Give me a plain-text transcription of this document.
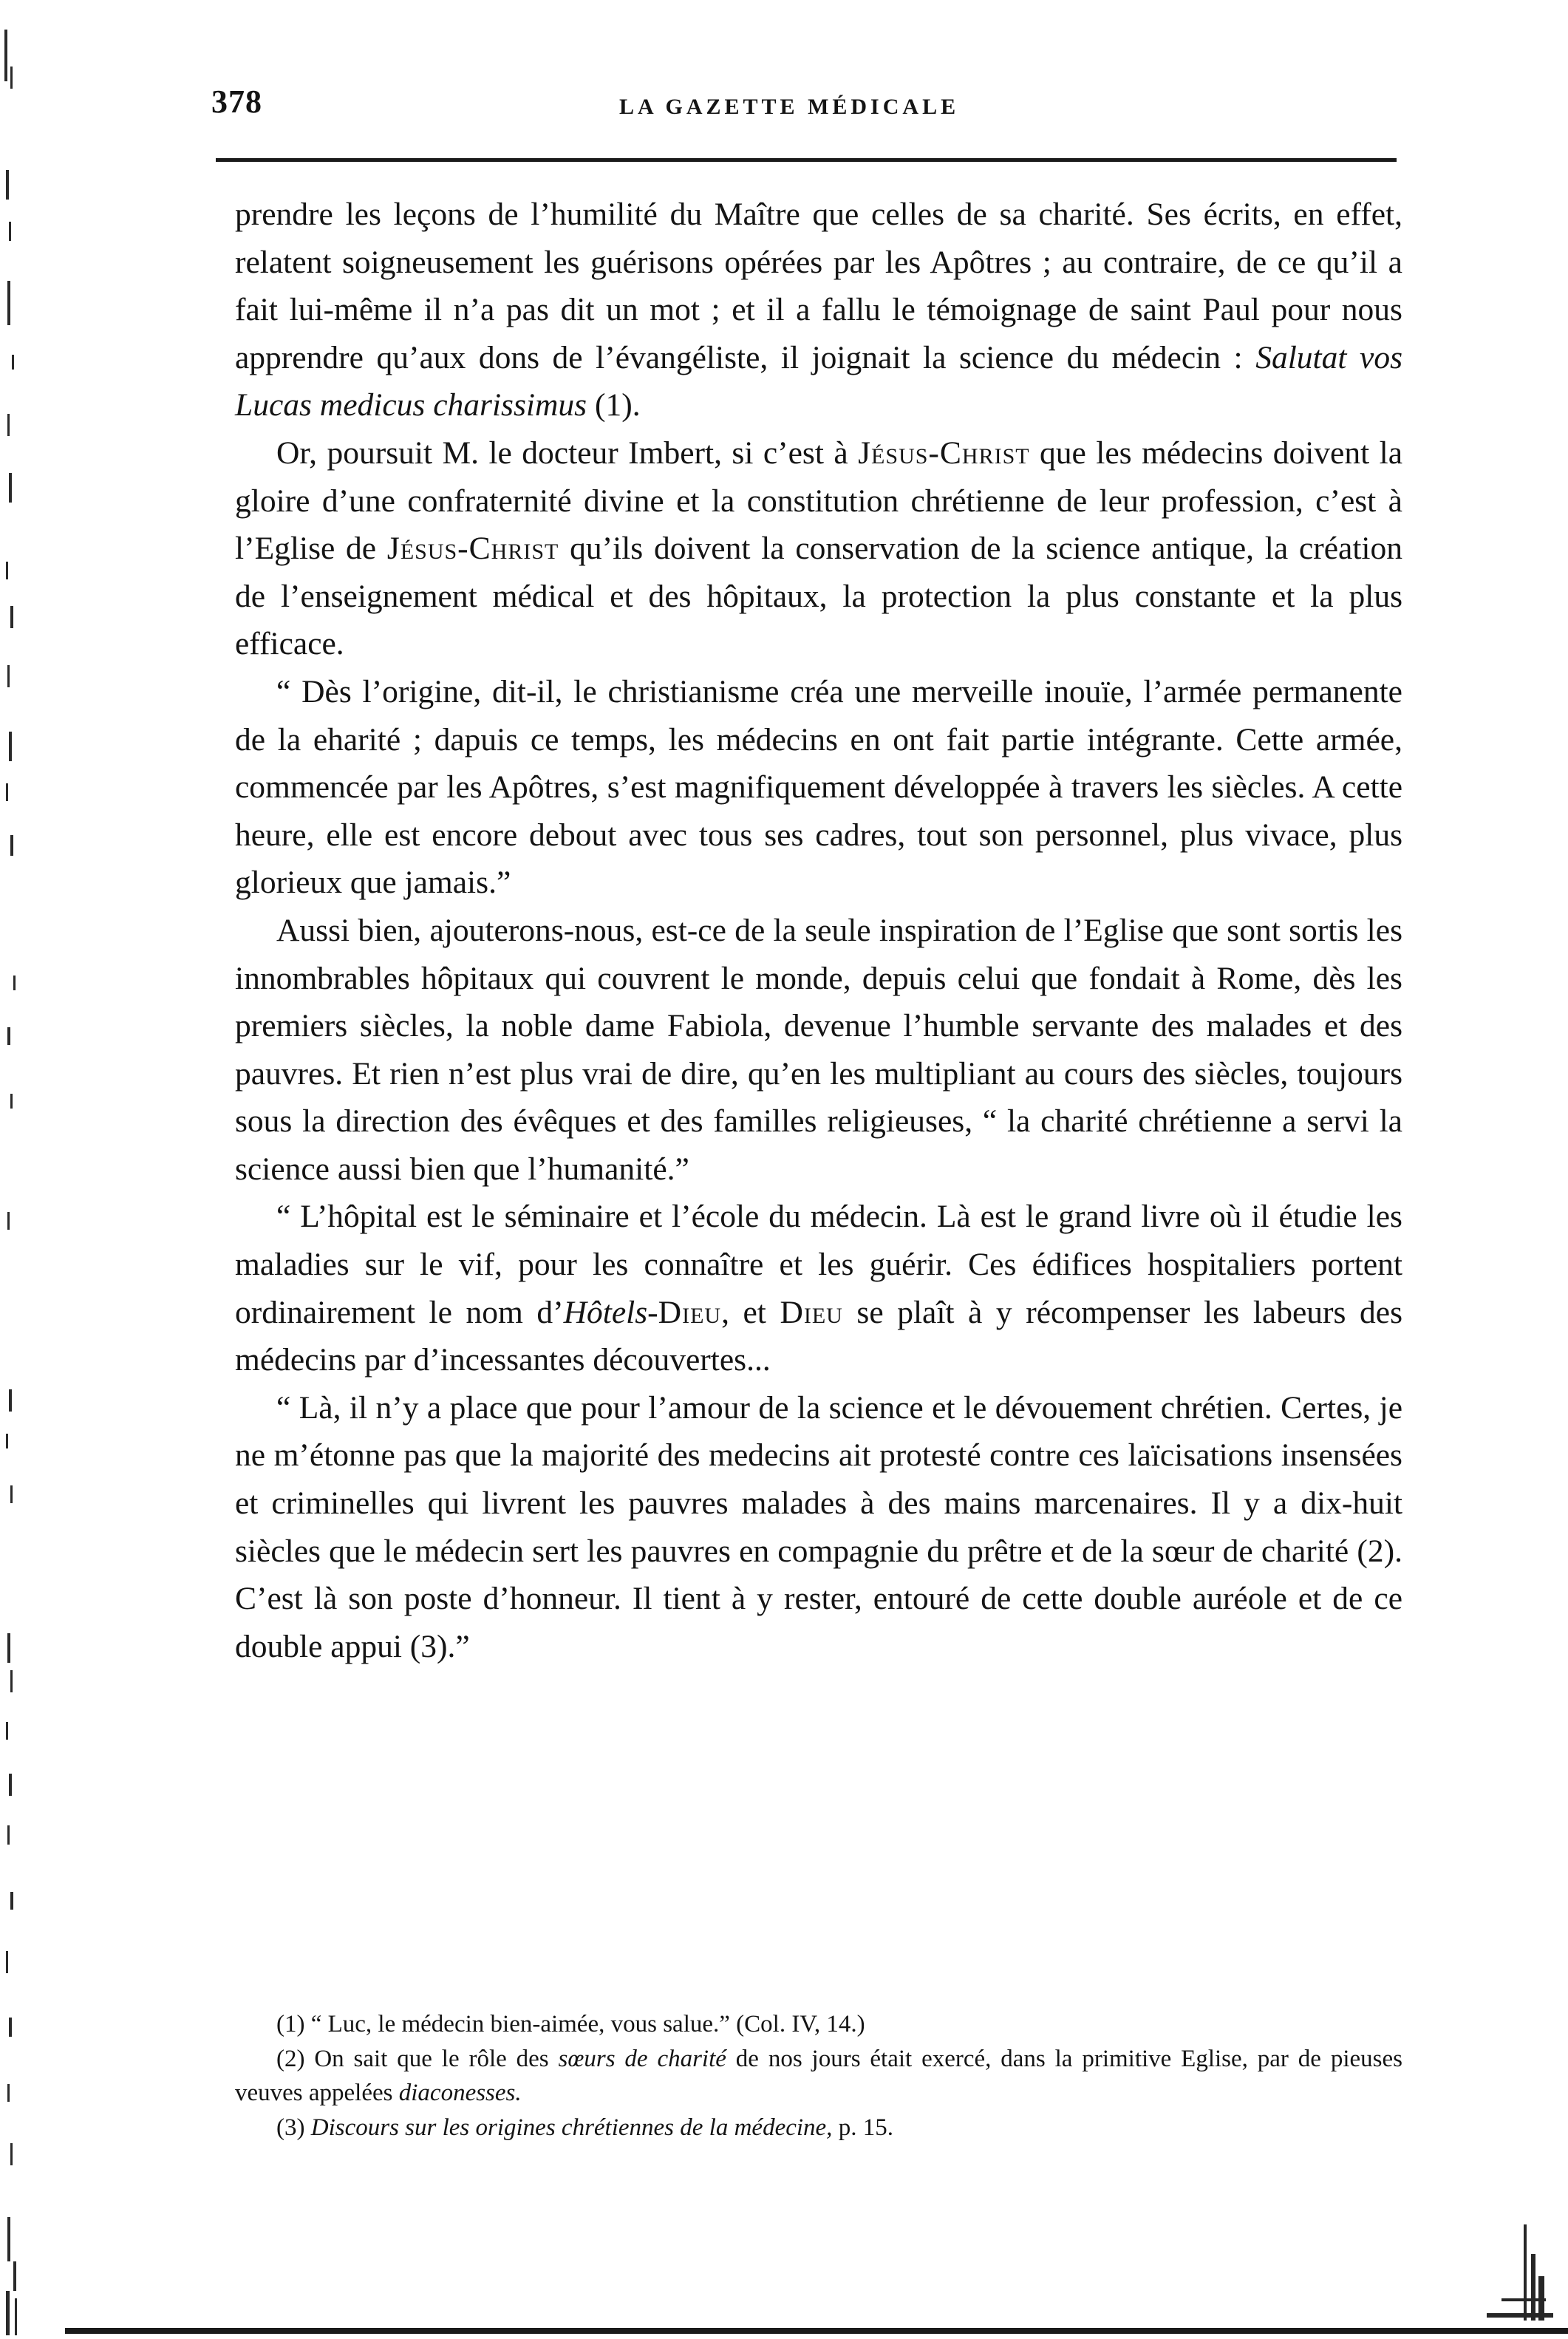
378	LA GAZETTE MÉDICALE

prendre les leçons de l’humilité du Maître que celles de sa charité. Ses écrits, en effet, relatent soigneusement les guérisons opérées par les Apôtres ; au contraire, de ce qu’il a fait lui-même il n’a pas dit un mot ; et il a fallu le témoignage de saint Paul pour nous apprendre qu’aux dons de l’évangéliste, il joignait la science du médecin : Salutat vos Lucas medicus charissimus (1).

Or, poursuit M. le docteur Imbert, si c’est à Jésus-Christ que les médecins doivent la gloire d’une confraternité divine et la constitution chrétienne de leur profession, c’est à l’Eglise de Jésus-Christ qu’ils doivent la conservation de la science antique, la création de l’enseignement médical et des hôpitaux, la protection la plus constante et la plus efficace.

“ Dès l’origine, dit-il, le christianisme créa une merveille inouïe, l’armée permanente de la eharité ; dapuis ce temps, les médecins en ont fait partie intégrante. Cette armée, commencée par les Apôtres, s’est magnifiquement développée à travers les siècles. A cette heure, elle est encore debout avec tous ses cadres, tout son personnel, plus vivace, plus glorieux que jamais.”

Aussi bien, ajouterons-nous, est-ce de la seule inspiration de l’Eglise que sont sortis les innombrables hôpitaux qui couvrent le monde, depuis celui que fondait à Rome, dès les premiers siècles, la noble dame Fabiola, devenue l’humble servante des malades et des pauvres. Et rien n’est plus vrai de dire, qu’en les multipliant au cours des siècles, toujours sous la direction des évêques et des familles religieuses, “ la charité chrétienne a servi la science aussi bien que l’humanité.”

“ L’hôpital est le séminaire et l’école du médecin. Là est le grand livre où il étudie les maladies sur le vif, pour les connaître et les guérir. Ces édifices hospitaliers portent ordinairement le nom d’Hôtels-Dieu, et Dieu se plaît à y récompenser les labeurs des médecins par d’incessantes découvertes...

“ Là, il n’y a place que pour l’amour de la science et le dévouement chrétien. Certes, je ne m’étonne pas que la majorité des medecins ait protesté contre ces laïcisations insensées et criminelles qui livrent les pauvres malades à des mains marcenaires. Il y a dix-huit siècles que le médecin sert les pauvres en compagnie du prêtre et de la sœur de charité (2). C’est là son poste d’honneur. Il tient à y rester, entouré de cette double auréole et de ce double appui (3).”

(1) “ Luc, le médecin bien-aimée, vous salue.” (Col. IV, 14.)

(2) On sait que le rôle des sœurs de charité de nos jours était exercé, dans la primitive Eglise, par de pieuses veuves appelées diaconesses.

(3) Discours sur les origines chrétiennes de la médecine, p. 15.
